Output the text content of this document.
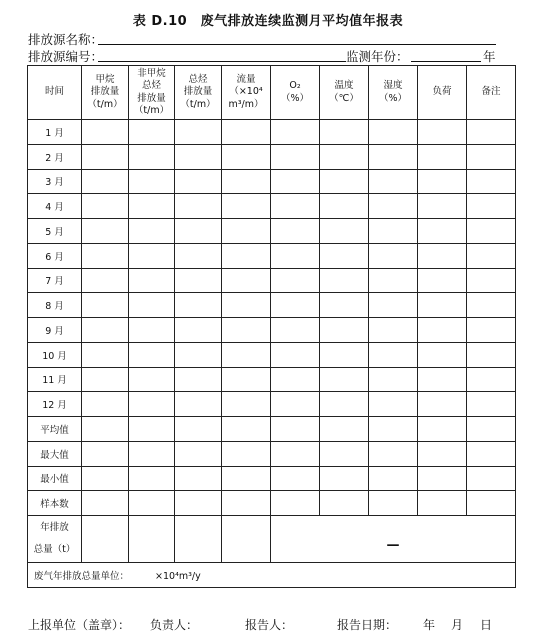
表 D.10　废气排放连续监测月平均值年报表
排放源名称：
排放源编号：	监测年份：	年
时间	甲烷
排放量
（t/m）	非甲烷
总烃
排放量
（t/m）	总烃
排放量
（t/m）	流量
（×10⁴
m³/m）	O₂
（%）	温度
（℃）	湿度
（%）	负荷	备注
1 月									
2 月									
3 月									
4 月									
5 月									
6 月									
7 月									
8 月									
9 月									
10 月									
11 月									
12 月									
平均值									
最大值									
最小值									
样本数									

年排放
总量（t）					—				
废气年排放总量单位： ×10⁴m³/y									
上报单位（盖章）： 负责人：	报告人：	报告日期： 年 月 日
